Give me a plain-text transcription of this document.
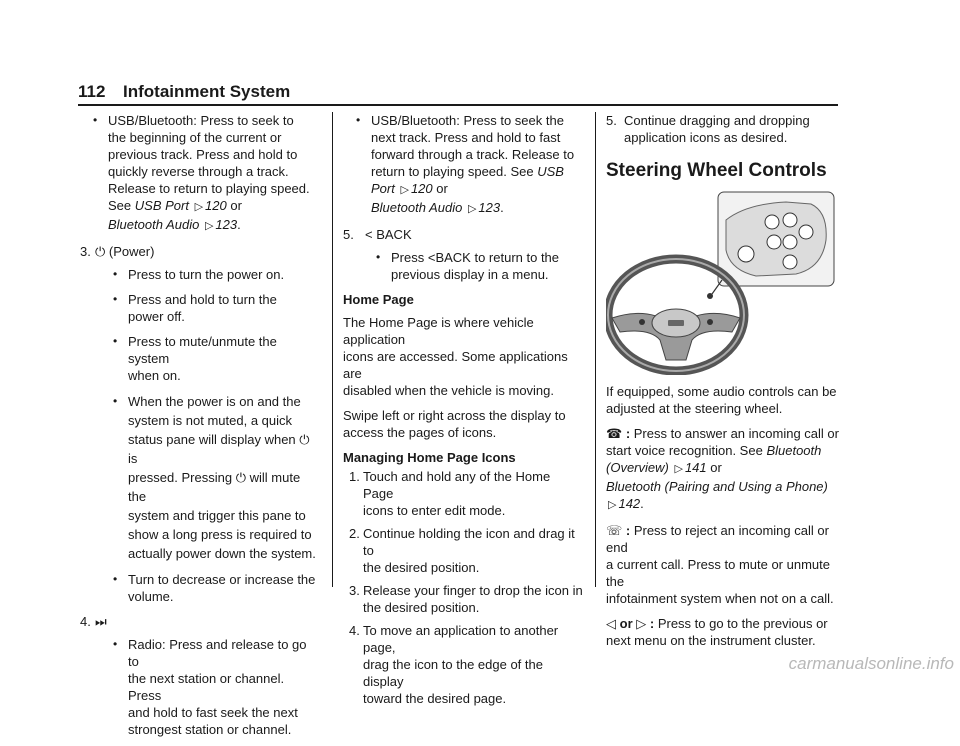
112 Infotainment System
• USB/Bluetooth: Press to seek to
the beginning of the current or
previous track. Press and hold to
quickly reverse through a track.
Release to return to playing speed.
See USB Port ▷ 120 or
Bluetooth Audio ▷ 123.
3. ⏻ (Power)
• Press to turn the power on.
• Press and hold to turn the
power off.
• Press to mute/unmute the system
when on.
• When the power is on and the
system is not muted, a quick
status pane will display when ⏻ is
pressed. Pressing ⏻ will mute the
system and trigger this pane to
show a long press is required to
actually power down the system.
• Turn to decrease or increase the
volume.
4. ⏭
• Radio: Press and release to go to
the next station or channel. Press
and hold to fast seek the next
strongest station or channel.
• USB/Bluetooth: Press to seek the
next track. Press and hold to fast
forward through a track. Release to
return to playing speed. See USB
Port ▷ 120 or
Bluetooth Audio ▷ 123.
5. < BACK
• Press <BACK to return to the
previous display in a menu.
Home Page
The Home Page is where vehicle application
icons are accessed. Some applications are
disabled when the vehicle is moving.
Swipe left or right across the display to
access the pages of icons.
Managing Home Page Icons
1. Touch and hold any of the Home Page
icons to enter edit mode.
2. Continue holding the icon and drag it to
the desired position.
3. Release your finger to drop the icon in
the desired position.
4. To move an application to another page,
drag the icon to the edge of the display
toward the desired page.
5. Continue dragging and dropping
application icons as desired.
Steering Wheel Controls
If equipped, some audio controls can be
adjusted at the steering wheel.
☎ : Press to answer an incoming call or
start voice recognition. See Bluetooth
(Overview) ▷ 141 or
Bluetooth (Pairing and Using a Phone) ▷ 142.
☏ : Press to reject an incoming call or end
a current call. Press to mute or unmute the
infotainment system when not on a call.
◁ or ▷ : Press to go to the previous or
next menu on the instrument cluster.
carmanualsonline.info
